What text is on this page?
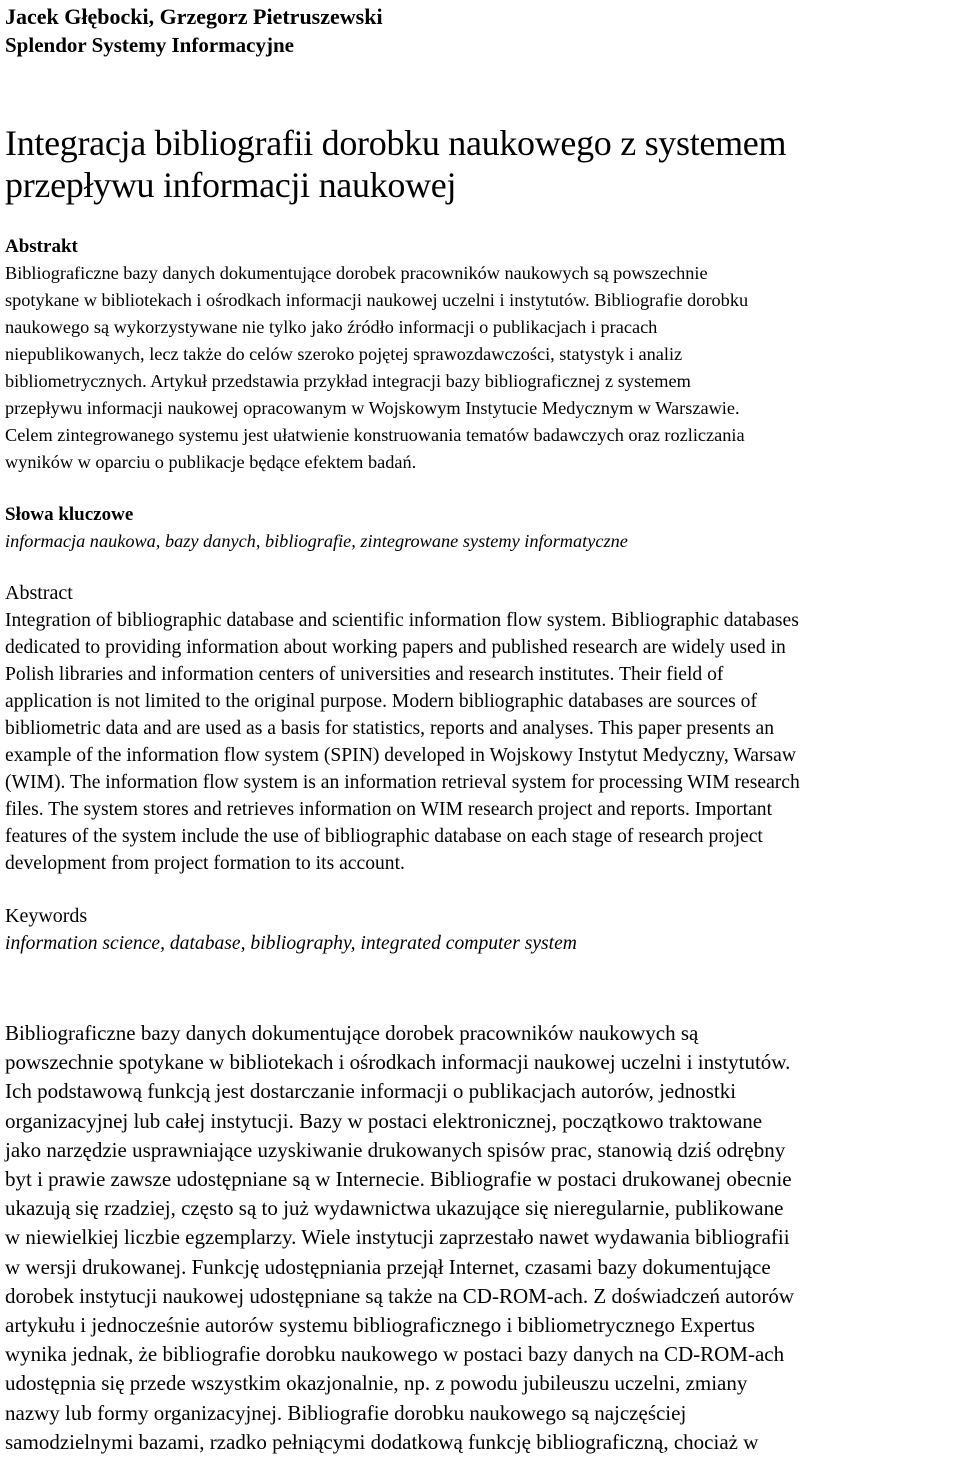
Jacek Głębocki, Grzegorz Pietruszewski
Splendor Systemy Informacyjne
Integracja bibliografii dorobku naukowego z systemem
przepływu informacji naukowej
Abstrakt
Bibliograficzne bazy danych dokumentujące dorobek pracowników naukowych są powszechnie
spotykane w bibliotekach i ośrodkach informacji naukowej uczelni i instytutów. Bibliografie dorobku
naukowego są wykorzystywane nie tylko jako źródło informacji o publikacjach i pracach
niepublikowanych, lecz także do celów szeroko pojętej sprawozdawczości, statystyk i analiz
bibliometrycznych. Artykuł przedstawia przykład integracji bazy bibliograficznej z systemem
przepływu informacji naukowej opracowanym w Wojskowym Instytucie Medycznym w Warszawie.
Celem zintegrowanego systemu jest ułatwienie konstruowania tematów badawczych oraz rozliczania
wyników w oparciu o publikacje będące efektem badań.
Słowa kluczowe
informacja naukowa, bazy danych, bibliografie, zintegrowane systemy informatyczne
Abstract
Integration of bibliographic database and scientific information flow system. Bibliographic databases
dedicated to providing information about working papers and published research are widely used in
Polish libraries and information centers of universities and research institutes. Their field of
application is not limited to the original purpose. Modern bibliographic databases are sources of
bibliometric data and are used as a basis for statistics, reports and analyses. This paper presents an
example of the information flow system (SPIN) developed in Wojskowy Instytut Medyczny, Warsaw
(WIM). The information flow system is an information retrieval system for processing WIM research
files. The system stores and retrieves information on WIM research project and reports. Important
features of the system include the use of bibliographic database on each stage of research project
development from project formation to its account.
Keywords
information science, database, bibliography, integrated computer system
Bibliograficzne bazy danych dokumentujące dorobek pracowników naukowych są
powszechnie spotykane w bibliotekach i ośrodkach informacji naukowej uczelni i instytutów.
Ich podstawową funkcją jest dostarczanie informacji o publikacjach autorów, jednostki
organizacyjnej lub całej instytucji. Bazy w postaci elektronicznej, początkowo traktowane
jako narzędzie usprawniające uzyskiwanie drukowanych spisów prac, stanowią dziś odrębny
byt i prawie zawsze udostępniane są w Internecie. Bibliografie w postaci drukowanej obecnie
ukazują się rzadziej, często są to już wydawnictwa ukazujące się nieregularnie, publikowane
w niewielkiej liczbie egzemplarzy. Wiele instytucji zaprzestało nawet wydawania bibliografii
w wersji drukowanej. Funkcję udostępniania przejął Internet, czasami bazy dokumentujące
dorobek instytucji naukowej udostępniane są także na CD-ROM-ach. Z doświadczeń autorów
artykułu i jednocześnie autorów systemu bibliograficznego i bibliometrycznego Expertus
wynika jednak, że bibliografie dorobku naukowego w postaci bazy danych na CD-ROM-ach
udostępnia się przede wszystkim okazjonalnie, np. z powodu jubileuszu uczelni, zmiany
nazwy lub formy organizacyjnej. Bibliografie dorobku naukowego są najczęściej
samodzielnymi bazami, rzadko pełniącymi dodatkową funkcję bibliograficzną, chociaż w
